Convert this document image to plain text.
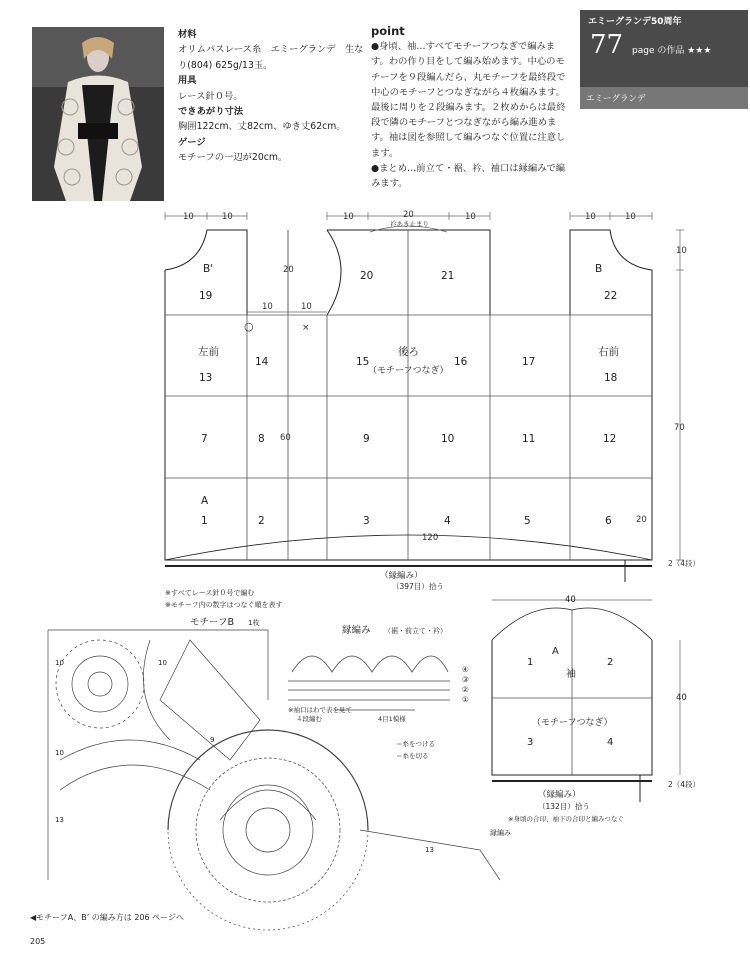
材料
オリムパスレース糸　エミーグランデ　生なり(804) 625g/13玉。
用具
レース針０号。
できあがり寸法
胸囲122cm、丈82cm、ゆき丈62cm。
ゲージ
モチーフの一辺が20cm。
point
●身頃、袖…すべてモチーフつなぎで編みます。わの作り目をして編み始めます。中心のモチーフを９段編んだら、丸モチーフを最終段で中心のモチーフとつなぎながら４枚編みます。最後に周りを２段編みます。２枚めからは最終段で隣のモチーフとつなぎながら編み進めます。袖は図を参照して編みつなぐ位置に注意します。
●まとめ…前立て・裾、衿、袖口は縁編みで編みます。
エミーグランデ50周年
77 page の作品 ★★★
エミーグランデ
10	10	10	20	10	10	10
衿あき止まり
20
10	10
60
120
20
10
70
2（4段）
○	×
B'	B
A
左前	後ろ
（モチーフつなぎ）
右前
19
20	21
22
13
14	15	16	17
18
7	8	9	10	11	12
1	2	3	4	5	6
（縁編み）
（397目）拾う
※すべてレース針０号で編む
※モチーフ内の数字はつなぐ順を表す	40
A
袖
（モチーフつなぎ）
1	2
3	4
40
2（4段）
（縁編み）
（132目）拾う
※身頃の合印、袖下の合印と編みつなぐ
モチーフB 1枚
10
10
13
9
13
10
縁編み （裾・前立て・衿）
④
③
②
①
※袖口はわで表を見て
４段編む	4目1模様
＝糸をつける
＝糸を切る
縁編み
◀モチーフA、B’ の編み方は 206 ページへ
205
